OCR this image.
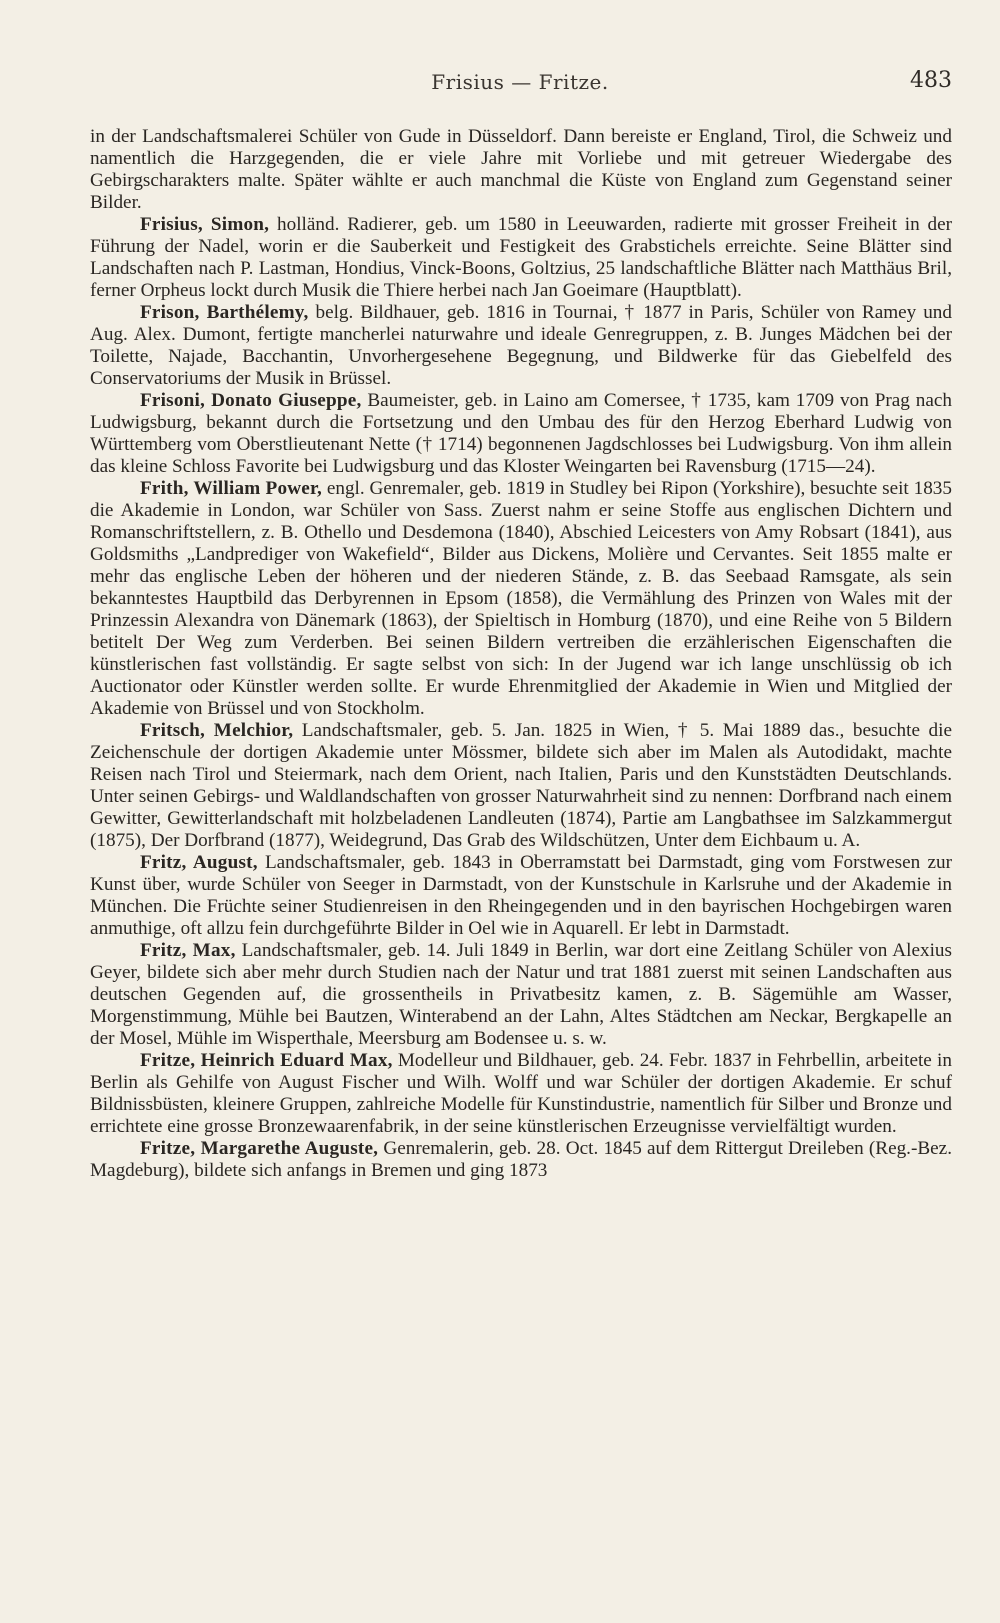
Frisius — Fritze.	483

in der Landschaftsmalerei Schüler von Gude in Düsseldorf. Dann bereiste er England, Tirol, die Schweiz und namentlich die Harzgegenden, die er viele Jahre mit Vorliebe und mit getreuer Wiedergabe des Gebirgscharakters malte. Später wählte er auch manchmal die Küste von England zum Gegenstand seiner Bilder.

Frisius, Simon, holländ. Radierer, geb. um 1580 in Leeuwarden, radierte mit grosser Freiheit in der Führung der Nadel, worin er die Sauberkeit und Festigkeit des Grabstichels erreichte. Seine Blätter sind Landschaften nach P. Lastman, Hondius, Vinck-Boons, Goltzius, 25 landschaftliche Blätter nach Matthäus Bril, ferner Orpheus lockt durch Musik die Thiere herbei nach Jan Goeimare (Hauptblatt).

Frison, Barthélemy, belg. Bildhauer, geb. 1816 in Tournai, † 1877 in Paris, Schüler von Ramey und Aug. Alex. Dumont, fertigte mancherlei naturwahre und ideale Genregruppen, z. B. Junges Mädchen bei der Toilette, Najade, Bacchantin, Unvorhergesehene Begegnung, und Bildwerke für das Giebelfeld des Conservatoriums der Musik in Brüssel.

Frisoni, Donato Giuseppe, Baumeister, geb. in Laino am Comersee, † 1735, kam 1709 von Prag nach Ludwigsburg, bekannt durch die Fortsetzung und den Umbau des für den Herzog Eberhard Ludwig von Württemberg vom Oberstlieutenant Nette († 1714) begonnenen Jagdschlosses bei Ludwigsburg. Von ihm allein das kleine Schloss Favorite bei Ludwigsburg und das Kloster Weingarten bei Ravensburg (1715—24).

Frith, William Power, engl. Genremaler, geb. 1819 in Studley bei Ripon (Yorkshire), besuchte seit 1835 die Akademie in London, war Schüler von Sass. Zuerst nahm er seine Stoffe aus englischen Dichtern und Romanschriftstellern, z. B. Othello und Desdemona (1840), Abschied Leicesters von Amy Robsart (1841), aus Goldsmiths „Landprediger von Wakefield“, Bilder aus Dickens, Molière und Cervantes. Seit 1855 malte er mehr das englische Leben der höheren und der niederen Stände, z. B. das Seebaad Ramsgate, als sein bekanntestes Hauptbild das Derbyrennen in Epsom (1858), die Vermählung des Prinzen von Wales mit der Prinzessin Alexandra von Dänemark (1863), der Spieltisch in Homburg (1870), und eine Reihe von 5 Bildern betitelt Der Weg zum Verderben. Bei seinen Bildern vertreiben die erzählerischen Eigenschaften die künstlerischen fast vollständig. Er sagte selbst von sich: In der Jugend war ich lange unschlüssig ob ich Auctionator oder Künstler werden sollte. Er wurde Ehrenmitglied der Akademie in Wien und Mitglied der Akademie von Brüssel und von Stockholm.

Fritsch, Melchior, Landschaftsmaler, geb. 5. Jan. 1825 in Wien, † 5. Mai 1889 das., besuchte die Zeichenschule der dortigen Akademie unter Mössmer, bildete sich aber im Malen als Autodidakt, machte Reisen nach Tirol und Steiermark, nach dem Orient, nach Italien, Paris und den Kunststädten Deutschlands. Unter seinen Gebirgs- und Waldlandschaften von grosser Naturwahrheit sind zu nennen: Dorfbrand nach einem Gewitter, Gewitterlandschaft mit holzbeladenen Landleuten (1874), Partie am Langbathsee im Salzkammergut (1875), Der Dorfbrand (1877), Weidegrund, Das Grab des Wildschützen, Unter dem Eichbaum u. A.

Fritz, August, Landschaftsmaler, geb. 1843 in Oberramstatt bei Darmstadt, ging vom Forstwesen zur Kunst über, wurde Schüler von Seeger in Darmstadt, von der Kunstschule in Karlsruhe und der Akademie in München. Die Früchte seiner Studienreisen in den Rheingegenden und in den bayrischen Hochgebirgen waren anmuthige, oft allzu fein durchgeführte Bilder in Oel wie in Aquarell. Er lebt in Darmstadt.

Fritz, Max, Landschaftsmaler, geb. 14. Juli 1849 in Berlin, war dort eine Zeitlang Schüler von Alexius Geyer, bildete sich aber mehr durch Studien nach der Natur und trat 1881 zuerst mit seinen Landschaften aus deutschen Gegenden auf, die grossentheils in Privatbesitz kamen, z. B. Sägemühle am Wasser, Morgenstimmung, Mühle bei Bautzen, Winterabend an der Lahn, Altes Städtchen am Neckar, Bergkapelle an der Mosel, Mühle im Wisperthale, Meersburg am Bodensee u. s. w.

Fritze, Heinrich Eduard Max, Modelleur und Bildhauer, geb. 24. Febr. 1837 in Fehrbellin, arbeitete in Berlin als Gehilfe von August Fischer und Wilh. Wolff und war Schüler der dortigen Akademie. Er schuf Bildnissbüsten, kleinere Gruppen, zahlreiche Modelle für Kunstindustrie, namentlich für Silber und Bronze und errichtete eine grosse Bronzewaarenfabrik, in der seine künstlerischen Erzeugnisse vervielfältigt wurden.

Fritze, Margarethe Auguste, Genremalerin, geb. 28. Oct. 1845 auf dem Rittergut Dreileben (Reg.-Bez. Magdeburg), bildete sich anfangs in Bremen und ging 1873
